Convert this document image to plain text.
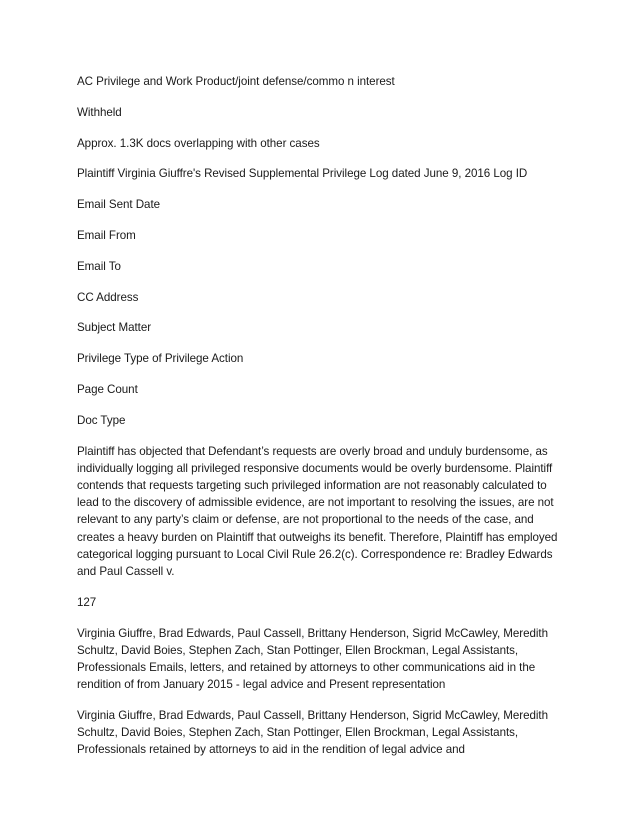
AC Privilege and Work Product/joint defense/commo n interest

Withheld

Approx. 1.3K docs overlapping with other cases

Plaintiff Virginia Giuffre's Revised Supplemental Privilege Log dated June 9, 2016 Log ID

Email Sent Date

Email From

Email To

CC Address

Subject Matter

Privilege Type of Privilege Action

Page Count

Doc Type

Plaintiff has objected that Defendant’s requests are overly broad and unduly burdensome, as individually logging all privileged responsive documents would be overly burdensome. Plaintiff contends that requests targeting such privileged information are not reasonably calculated to lead to the discovery of admissible evidence, are not important to resolving the issues, are not relevant to any party’s claim or defense, are not proportional to the needs of the case, and creates a heavy burden on Plaintiff that outweighs its benefit. Therefore, Plaintiff has employed categorical logging pursuant to Local Civil Rule 26.2(c). Correspondence re: Bradley Edwards and Paul Cassell v.

127

Virginia Giuffre, Brad Edwards, Paul Cassell, Brittany Henderson, Sigrid McCawley, Meredith Schultz, David Boies, Stephen Zach, Stan Pottinger, Ellen Brockman, Legal Assistants, Professionals Emails, letters, and retained by attorneys to other communications aid in the rendition of from January 2015 - legal advice and Present representation

Virginia Giuffre, Brad Edwards, Paul Cassell, Brittany Henderson, Sigrid McCawley, Meredith Schultz, David Boies, Stephen Zach, Stan Pottinger, Ellen Brockman, Legal Assistants, Professionals retained by attorneys to aid in the rendition of legal advice and
